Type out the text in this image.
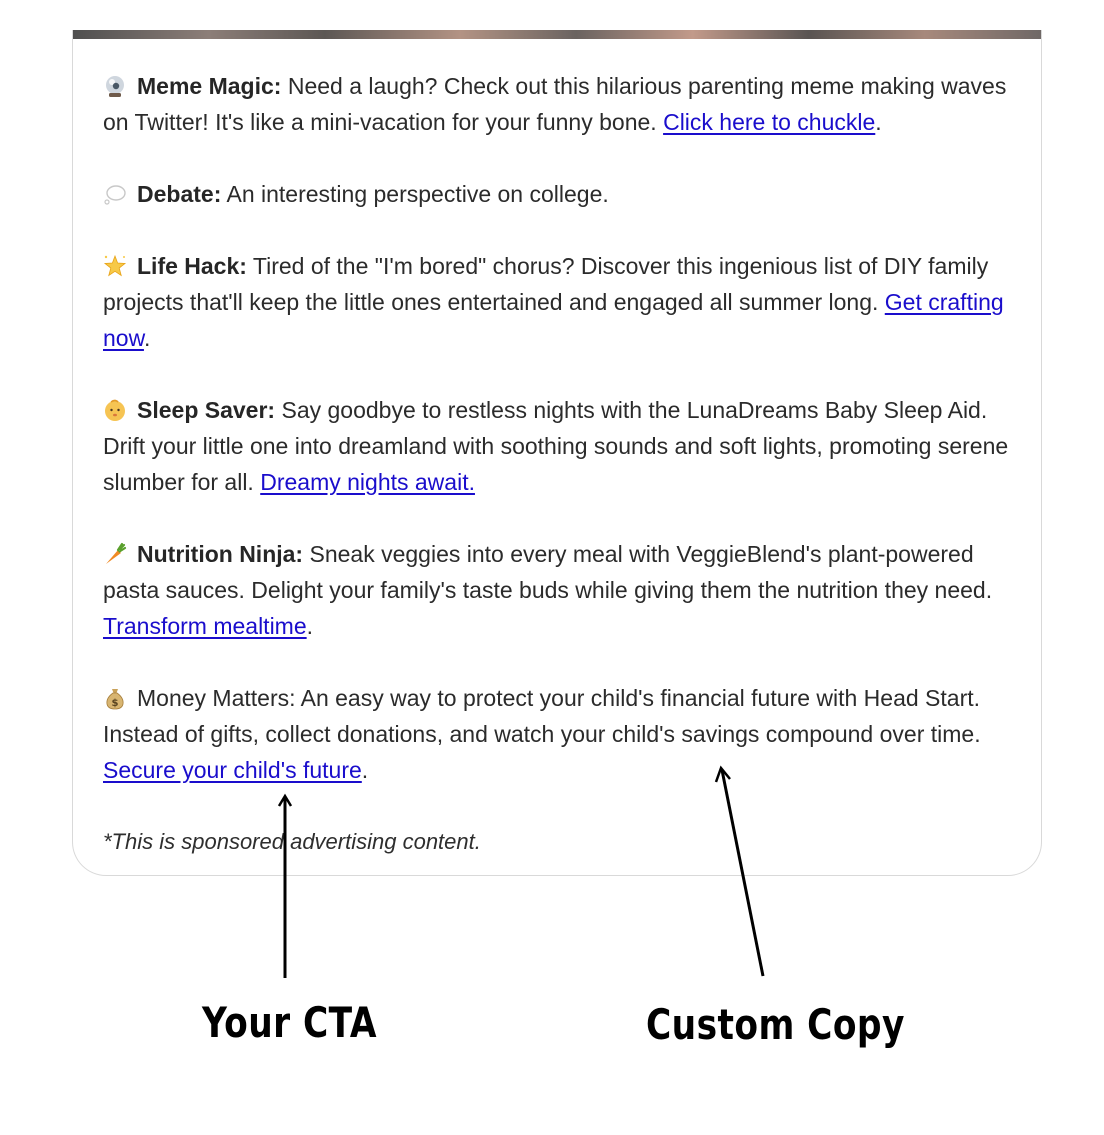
Meme Magic: Need a laugh? Check out this hilarious parenting meme making waves on Twitter! It's like a mini-vacation for your funny bone. Click here to chuckle.

Debate: An interesting perspective on college.

Life Hack: Tired of the "I'm bored" chorus? Discover this ingenious list of DIY family projects that'll keep the little ones entertained and engaged all summer long. Get crafting now.

Sleep Saver: Say goodbye to restless nights with the LunaDreams Baby Sleep Aid. Drift your little one into dreamland with soothing sounds and soft lights, promoting serene slumber for all. Dreamy nights await.

Nutrition Ninja: Sneak veggies into every meal with VeggieBlend's plant-powered pasta sauces. Delight your family's taste buds while giving them the nutrition they need. Transform mealtime.

$ Money Matters: An easy way to protect your child's financial future with Head Start. Instead of gifts, collect donations, and watch your child's savings compound over time. Secure your child's future.

*This is sponsored advertising content.

Your CTA	Custom Copy
